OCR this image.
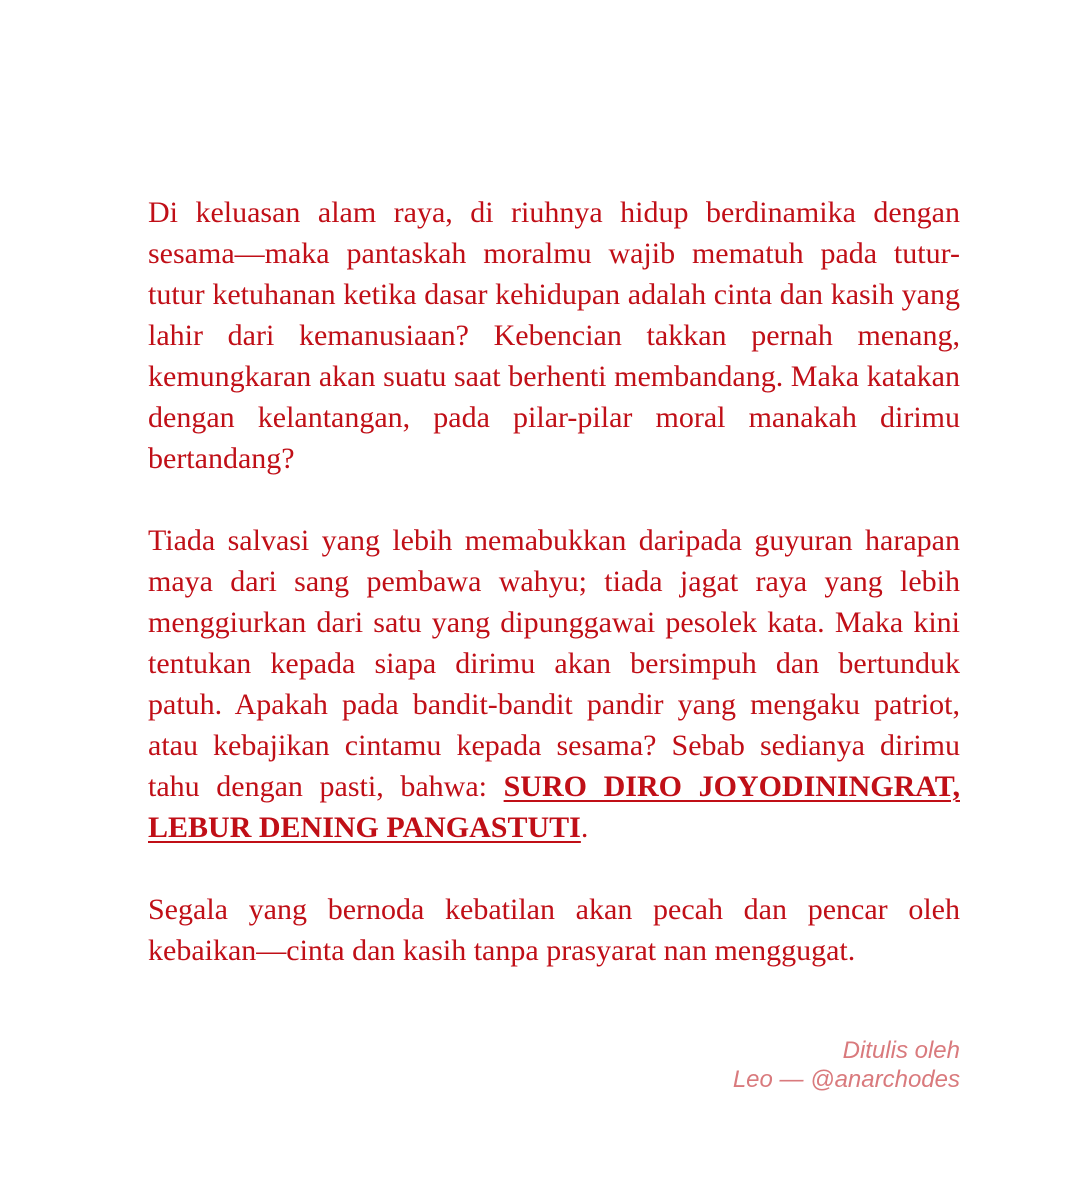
Di keluasan alam raya, di riuhnya hidup berdinamika dengan sesama—maka pantaskah moralmu wajib mematuh pada tutur-tutur ketuhanan ketika dasar kehidupan adalah cinta dan kasih yang lahir dari kemanusiaan? Kebencian takkan pernah menang, kemungkaran akan suatu saat berhenti membandang. Maka katakan dengan kelantangan, pada pilar-pilar moral manakah dirimu bertandang?

Tiada salvasi yang lebih memabukkan daripada guyuran harapan maya dari sang pembawa wahyu; tiada jagat raya yang lebih menggiurkan dari satu yang dipunggawai pesolek kata. Maka kini tentukan kepada siapa dirimu akan bersimpuh dan bertunduk patuh. Apakah pada bandit-bandit pandir yang mengaku patriot, atau kebajikan cintamu kepada sesama? Sebab sedianya dirimu tahu dengan pasti, bahwa: SURO DIRO JOYODININGRAT, LEBUR DENING PANGASTUTI.

Segala yang bernoda kebatilan akan pecah dan pencar oleh kebaikan—cinta dan kasih tanpa prasyarat nan menggugat.

Ditulis oleh
Leo — @anarchodes
